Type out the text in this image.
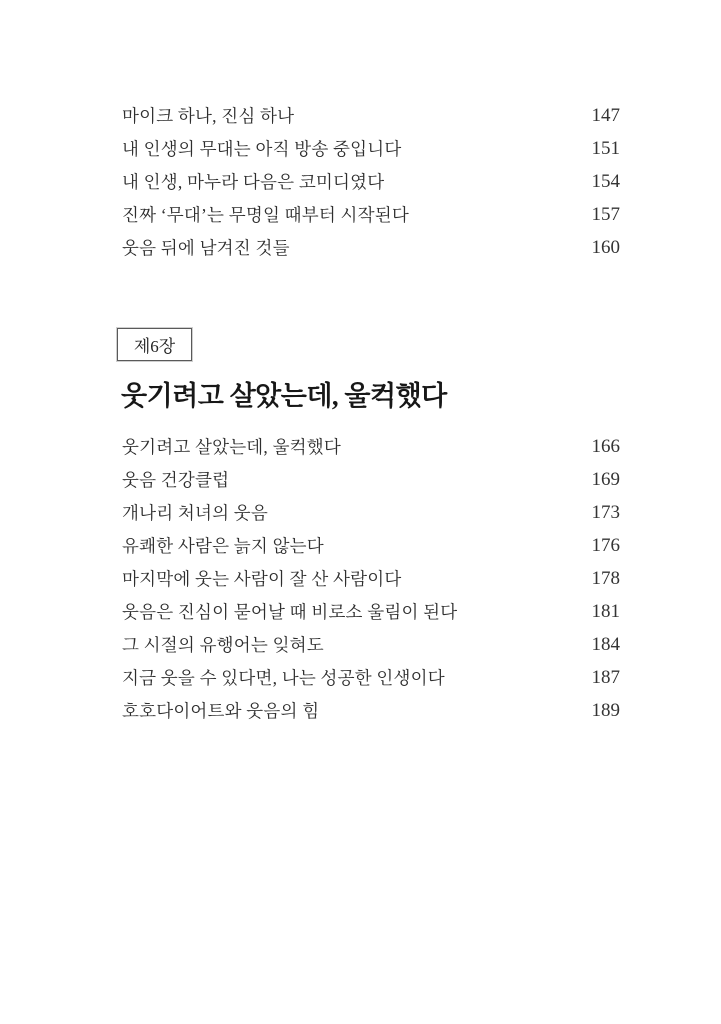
마이크 하나, 진심 하나	147
내 인생의 무대는 아직 방송 중입니다	151
내 인생, 마누라 다음은 코미디였다	154
진짜 ‘무대’는 무명일 때부터 시작된다	157
웃음 뒤에 남겨진 것들	160
제6장
웃기려고 살았는데, 울컥했다
웃기려고 살았는데, 울컥했다	166
웃음 건강클럽	169
개나리 처녀의 웃음	173
유쾌한 사람은 늙지 않는다	176
마지막에 웃는 사람이 잘 산 사람이다	178
웃음은 진심이 묻어날 때 비로소 울림이 된다	181
그 시절의 유행어는 잊혀도	184
지금 웃을 수 있다면, 나는 성공한 인생이다	187
호호다이어트와 웃음의 힘	189
